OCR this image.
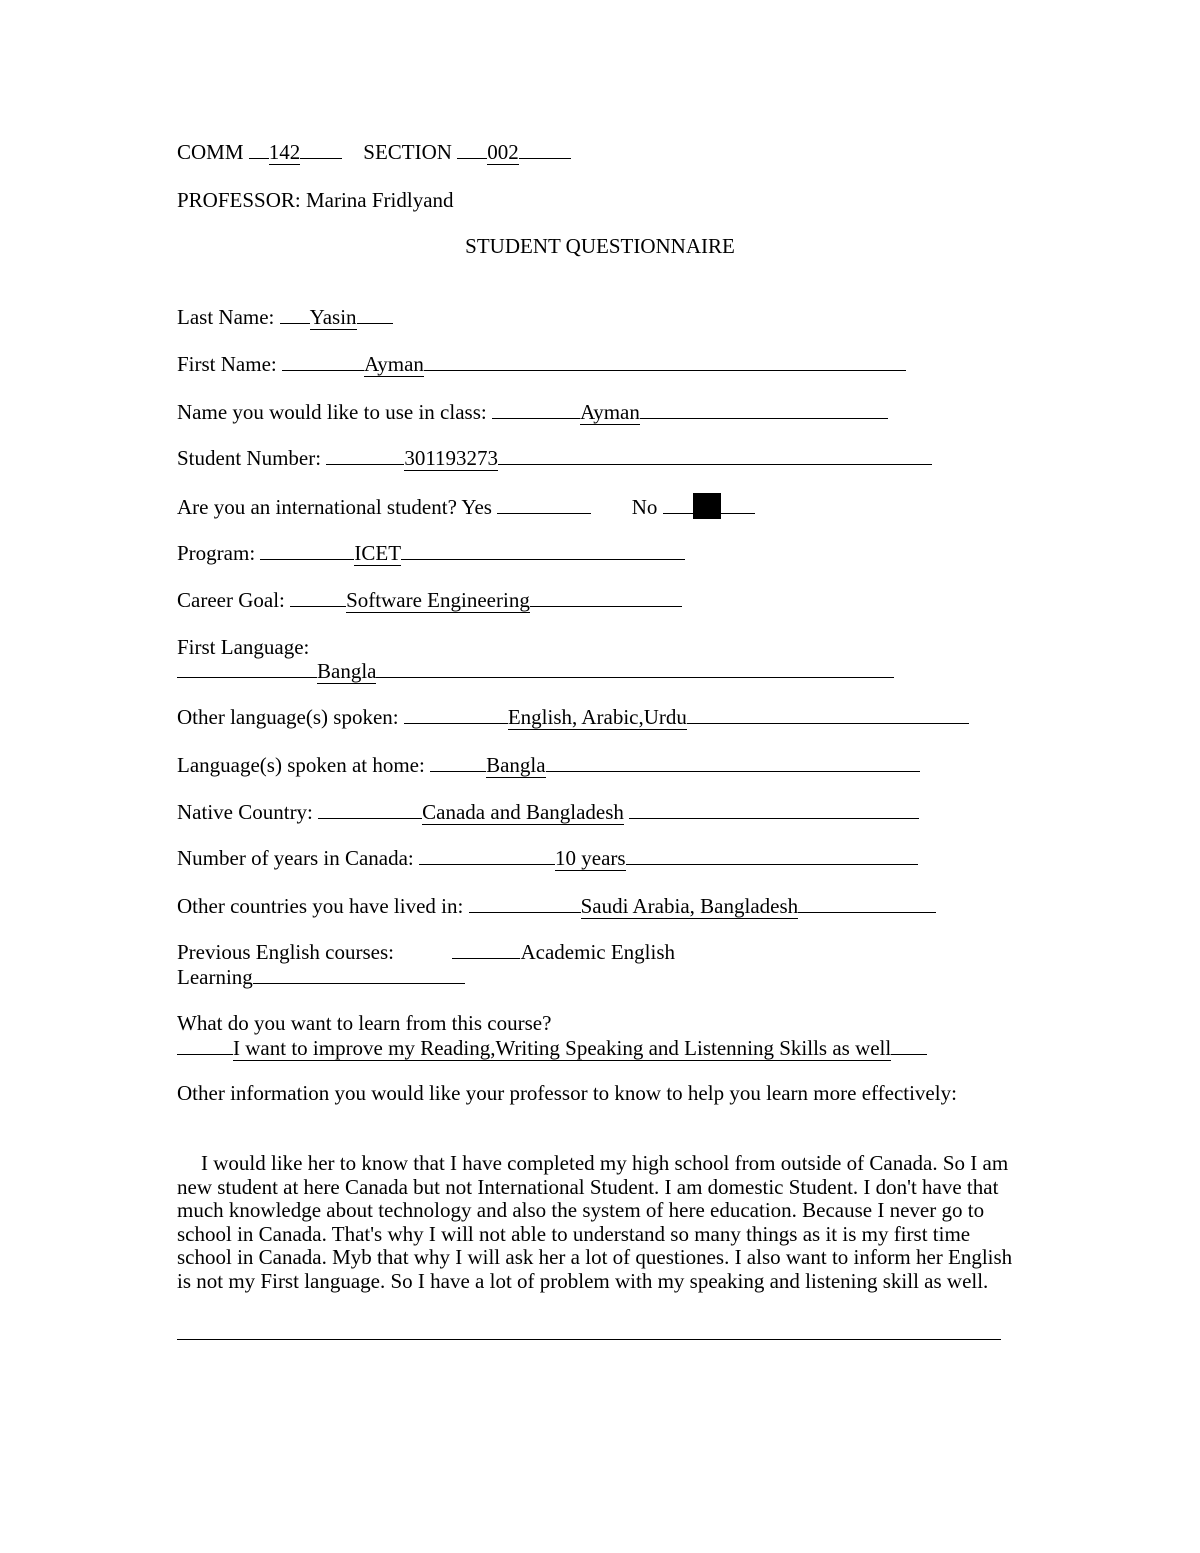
COMM 142	SECTION 002
PROFESSOR: Marina Fridlyand
STUDENT QUESTIONNAIRE
Last Name: Yasin
First Name:	Ayman
Name you would like to use in class:	Ayman
Student Number:	301193273
Are you an international student? Yes	No
Program:	ICET
Career Goal:	Software Engineering
First Language:
Bangla
Other language(s) spoken:	English, Arabic,Urdu
Language(s) spoken at home:	Bangla
Native Country:	Canada and Bangladesh
Number of years in Canada:	10 years
Other countries you have lived in:	Saudi Arabia, Bangladesh
Previous English courses:	Academic English
Learning
What do you want to learn from this course?
I want to improve my Reading,Writing Speaking and Listenning Skills as well
Other information you would like your professor to know to help you learn more effectively:
I would like her to know that I have completed my high school from outside of Canada. So I am new student at here Canada but not International Student. I am domestic Student. I don't have that much knowledge about technology and also the system of here education. Because I never go to school in Canada. That's why I will not able to understand so many things as it is my first time school in Canada. Myb that why I will ask her a lot of questiones. I also want to inform her English is not my First language. So I have a lot of problem with my speaking and listening skill as well.
